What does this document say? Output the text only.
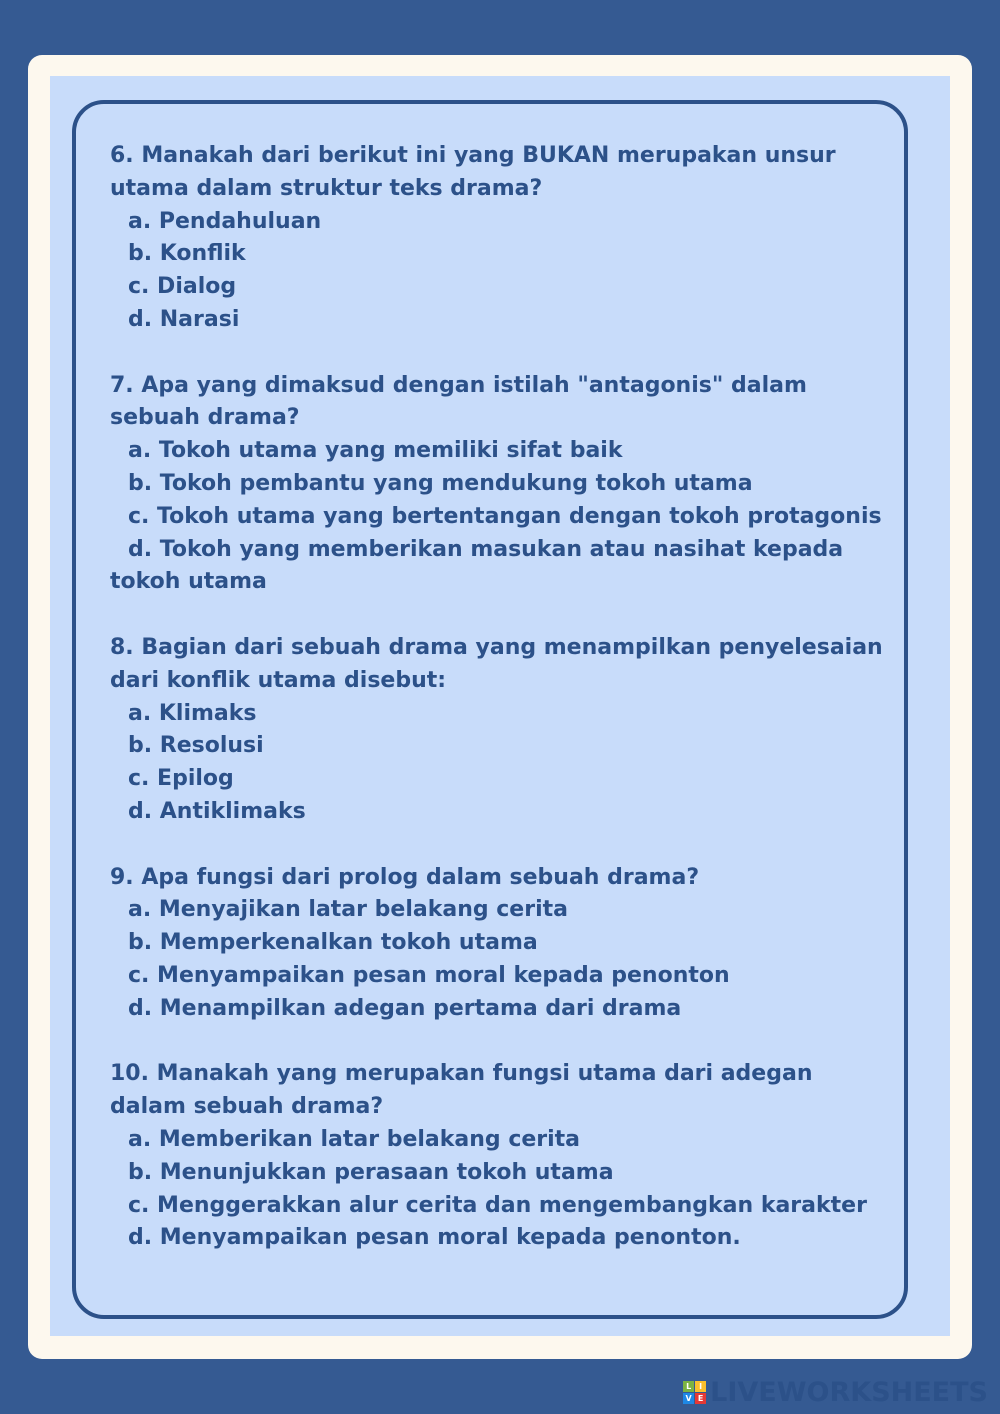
6. Manakah dari berikut ini yang BUKAN merupakan unsur utama dalam struktur teks drama?

a. Pendahuluan
b. Konflik
c. Dialog
d. Narasi

7. Apa yang dimaksud dengan istilah "antagonis" dalam sebuah drama?

a. Tokoh utama yang memiliki sifat baik
b. Tokoh pembantu yang mendukung tokoh utama
c. Tokoh utama yang bertentangan dengan tokoh protagonis
d. Tokoh yang memberikan masukan atau nasihat kepada tokoh utama

8. Bagian dari sebuah drama yang menampilkan penyelesaian dari konflik utama disebut:

a. Klimaks
b. Resolusi
c. Epilog
d. Antiklimaks

9. Apa fungsi dari prolog dalam sebuah drama?

a. Menyajikan latar belakang cerita
b. Memperkenalkan tokoh utama
c. Menyampaikan pesan moral kepada penonton
d. Menampilkan adegan pertama dari drama

10. Manakah yang merupakan fungsi utama dari adegan dalam sebuah drama?

a. Memberikan latar belakang cerita
b. Menunjukkan perasaan tokoh utama
c. Menggerakkan alur cerita dan mengembangkan karakter
d. Menyampaikan pesan moral kepada penonton.
L I
V E LIVEWORKSHEETS
